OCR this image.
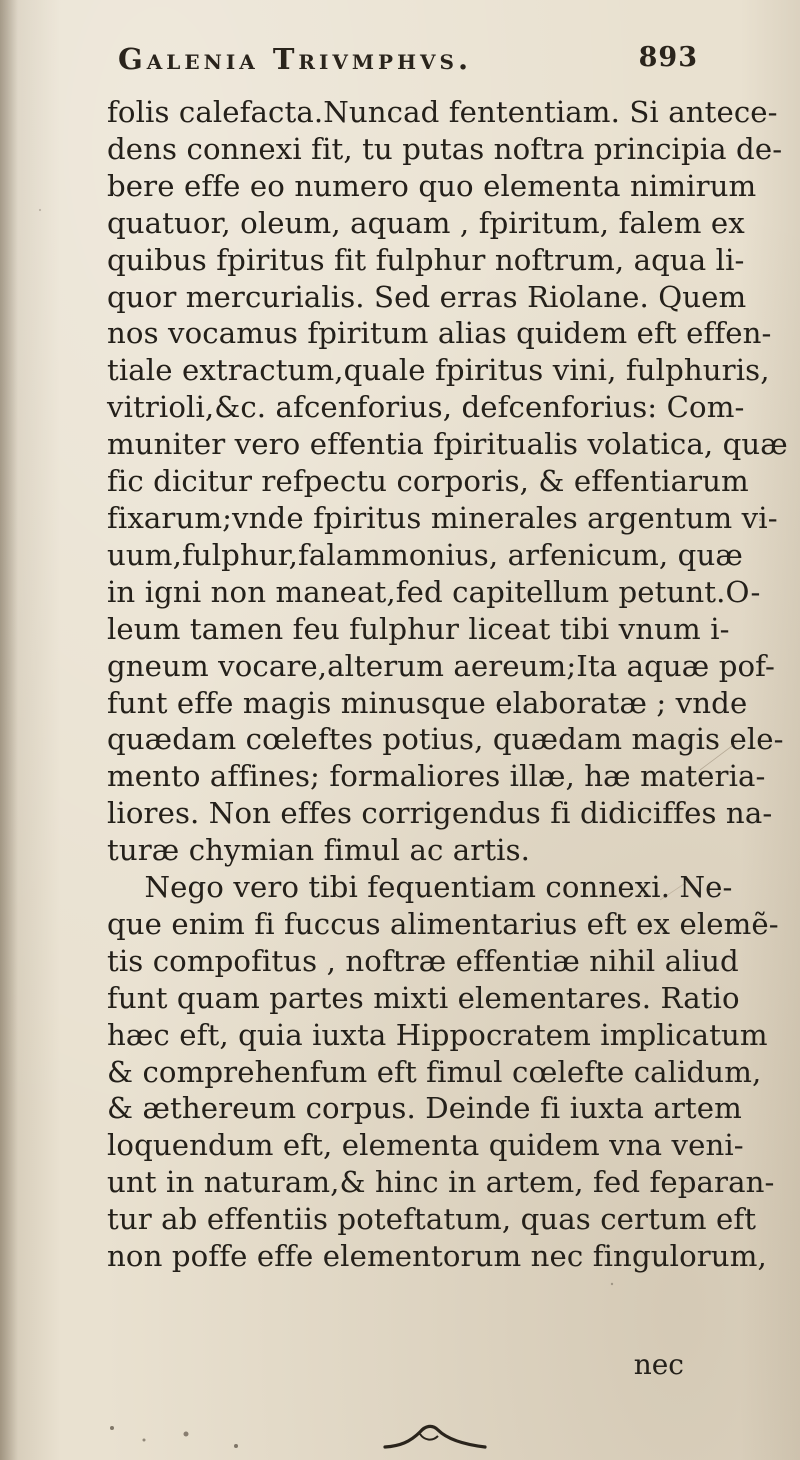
Galenia Trivmphvs.	893
folis calefacta.Nuncad fententiam. Si antece-
dens connexi fit, tu putas noftra principia de-
bere effe eo numero quo elementa nimirum
quatuor, oleum, aquam , fpiritum, falem ex
quibus fpiritus fit fulphur noftrum, aqua li-
quor mercurialis. Sed erras Riolane. Quem
nos vocamus fpiritum alias quidem eft effen-
tiale extractum,quale fpiritus vini, fulphuris,
vitrioli,&c. afcenforius, defcenforius: Com-
muniter vero effentia fpiritualis volatica, quæ
fic dicitur refpectu corporis, & effentiarum
fixarum;vnde fpiritus minerales argentum vi-
uum,fulphur,falammonius, arfenicum, quæ
in igni non maneat,fed capitellum petunt.O-
leum tamen feu fulphur liceat tibi vnum i-
gneum vocare,alterum aereum;Ita aquæ pof-
funt effe magis minusque elaboratæ ; vnde
quædam cœleftes potius, quædam magis ele-
mento affines; formaliores illæ, hæ materia-
liores. Non effes corrigendus fi didiciffes na-
turæ chymian fimul ac artis.
Nego vero tibi fequentiam connexi. Ne-
que enim fi fuccus alimentarius eft ex elemẽ-
tis compofitus , noftræ effentiæ nihil aliud
funt quam partes mixti elementares. Ratio
hæc eft, quia iuxta Hippocratem implicatum
& comprehenfum eft fimul cœlefte calidum,
& æthereum corpus. Deinde fi iuxta artem
loquendum eft, elementa quidem vna veni-
unt in naturam,& hinc in artem, fed feparan-
tur ab effentiis poteftatum, quas certum eft
non poffe effe elementorum nec fingulorum,
nec
